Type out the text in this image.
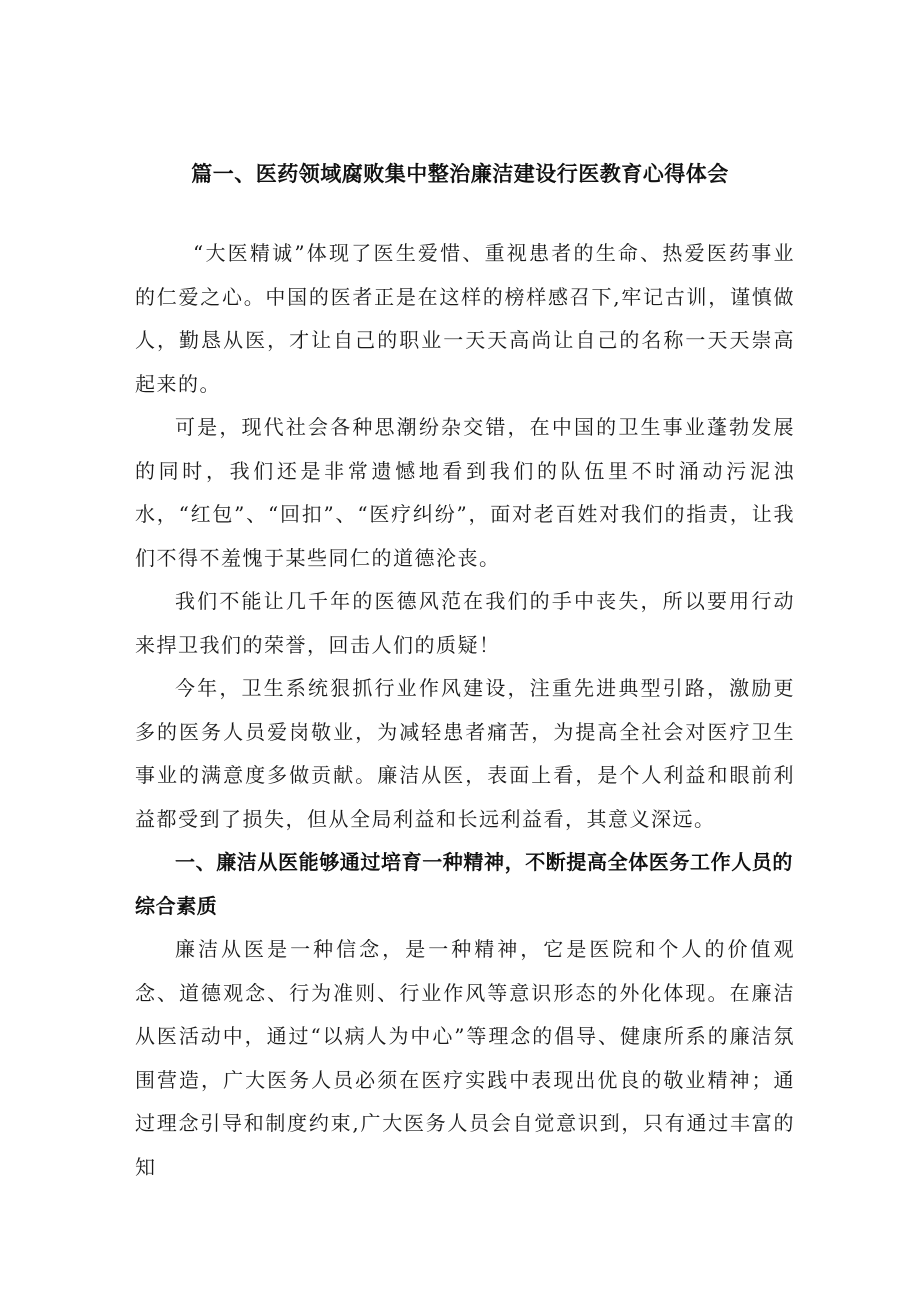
篇一、医药领域腐败集中整治廉洁建设行医教育心得体会

“大医精诚”体现了医生爱惜、重视患者的生命、热爱医药事业的仁爱之心。中国的医者正是在这样的榜样感召下,牢记古训，谨慎做人，勤恳从医，才让自己的职业一天天高尚让自己的名称一天天崇高起来的。

可是，现代社会各种思潮纷杂交错，在中国的卫生事业蓬勃发展的同时，我们还是非常遗憾地看到我们的队伍里不时涌动污泥浊水，“红包”、“回扣”、“医疗纠纷”，面对老百姓对我们的指责，让我们不得不羞愧于某些同仁的道德沦丧。

我们不能让几千年的医德风范在我们的手中丧失，所以要用行动来捍卫我们的荣誉，回击人们的质疑！

今年，卫生系统狠抓行业作风建设，注重先进典型引路，激励更多的医务人员爱岗敬业，为减轻患者痛苦，为提高全社会对医疗卫生事业的满意度多做贡献。廉洁从医，表面上看，是个人利益和眼前利益都受到了损失，但从全局利益和长远利益看，其意义深远。

一、廉洁从医能够通过培育一种精神，不断提高全体医务工作人员的综合素质

廉洁从医是一种信念，是一种精神，它是医院和个人的价值观念、道德观念、行为准则、行业作风等意识形态的外化体现。在廉洁从医活动中，通过“以病人为中心”等理念的倡导、健康所系的廉洁氛围营造，广大医务人员必须在医疗实践中表现出优良的敬业精神；通过理念引导和制度约束,广大医务人员会自觉意识到，只有通过丰富的知
